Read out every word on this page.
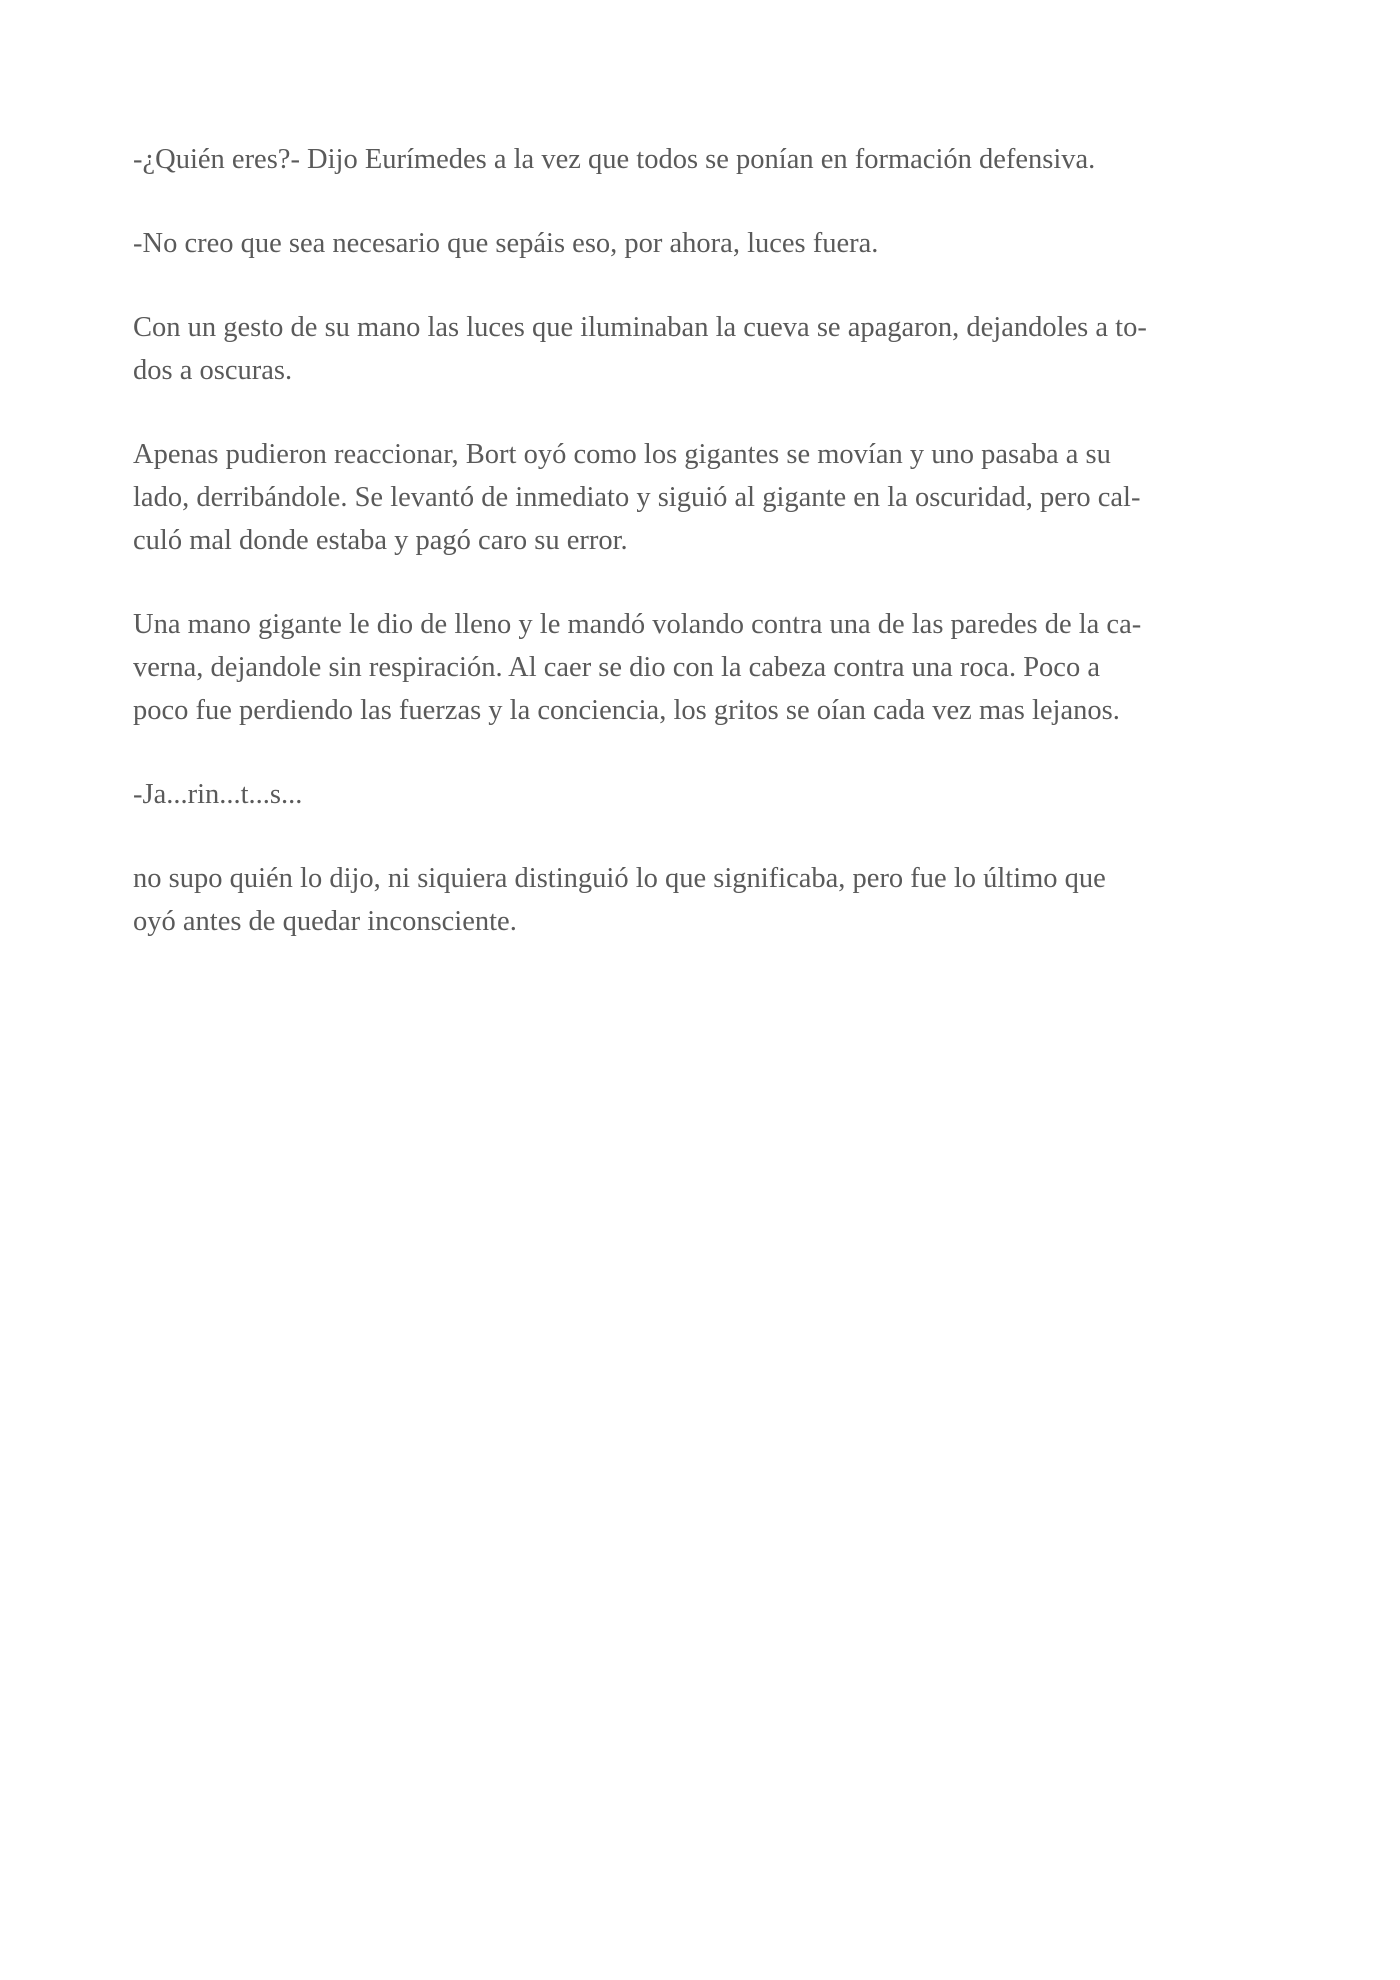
-¿Quién eres?- Dijo Eurímedes a la vez que todos se ponían en formación defensiva.

-No creo que sea necesario que sepáis eso, por ahora, luces fuera.

Con un gesto de su mano las luces que iluminaban la cueva se apagaron, dejandoles a to-
dos a oscuras.

Apenas pudieron reaccionar, Bort oyó como los gigantes se movían y uno pasaba a su
lado, derribándole. Se levantó de inmediato y siguió al gigante en la oscuridad, pero cal-
culó mal donde estaba y pagó caro su error.

Una mano gigante le dio de lleno y le mandó volando contra una de las paredes de la ca-
verna, dejandole sin respiración. Al caer se dio con la cabeza contra una roca. Poco a
poco fue perdiendo las fuerzas y la conciencia, los gritos se oían cada vez mas lejanos.

-Ja...rin...t...s...

no supo quién lo dijo, ni siquiera distinguió lo que significaba, pero fue lo último que
oyó antes de quedar inconsciente.
